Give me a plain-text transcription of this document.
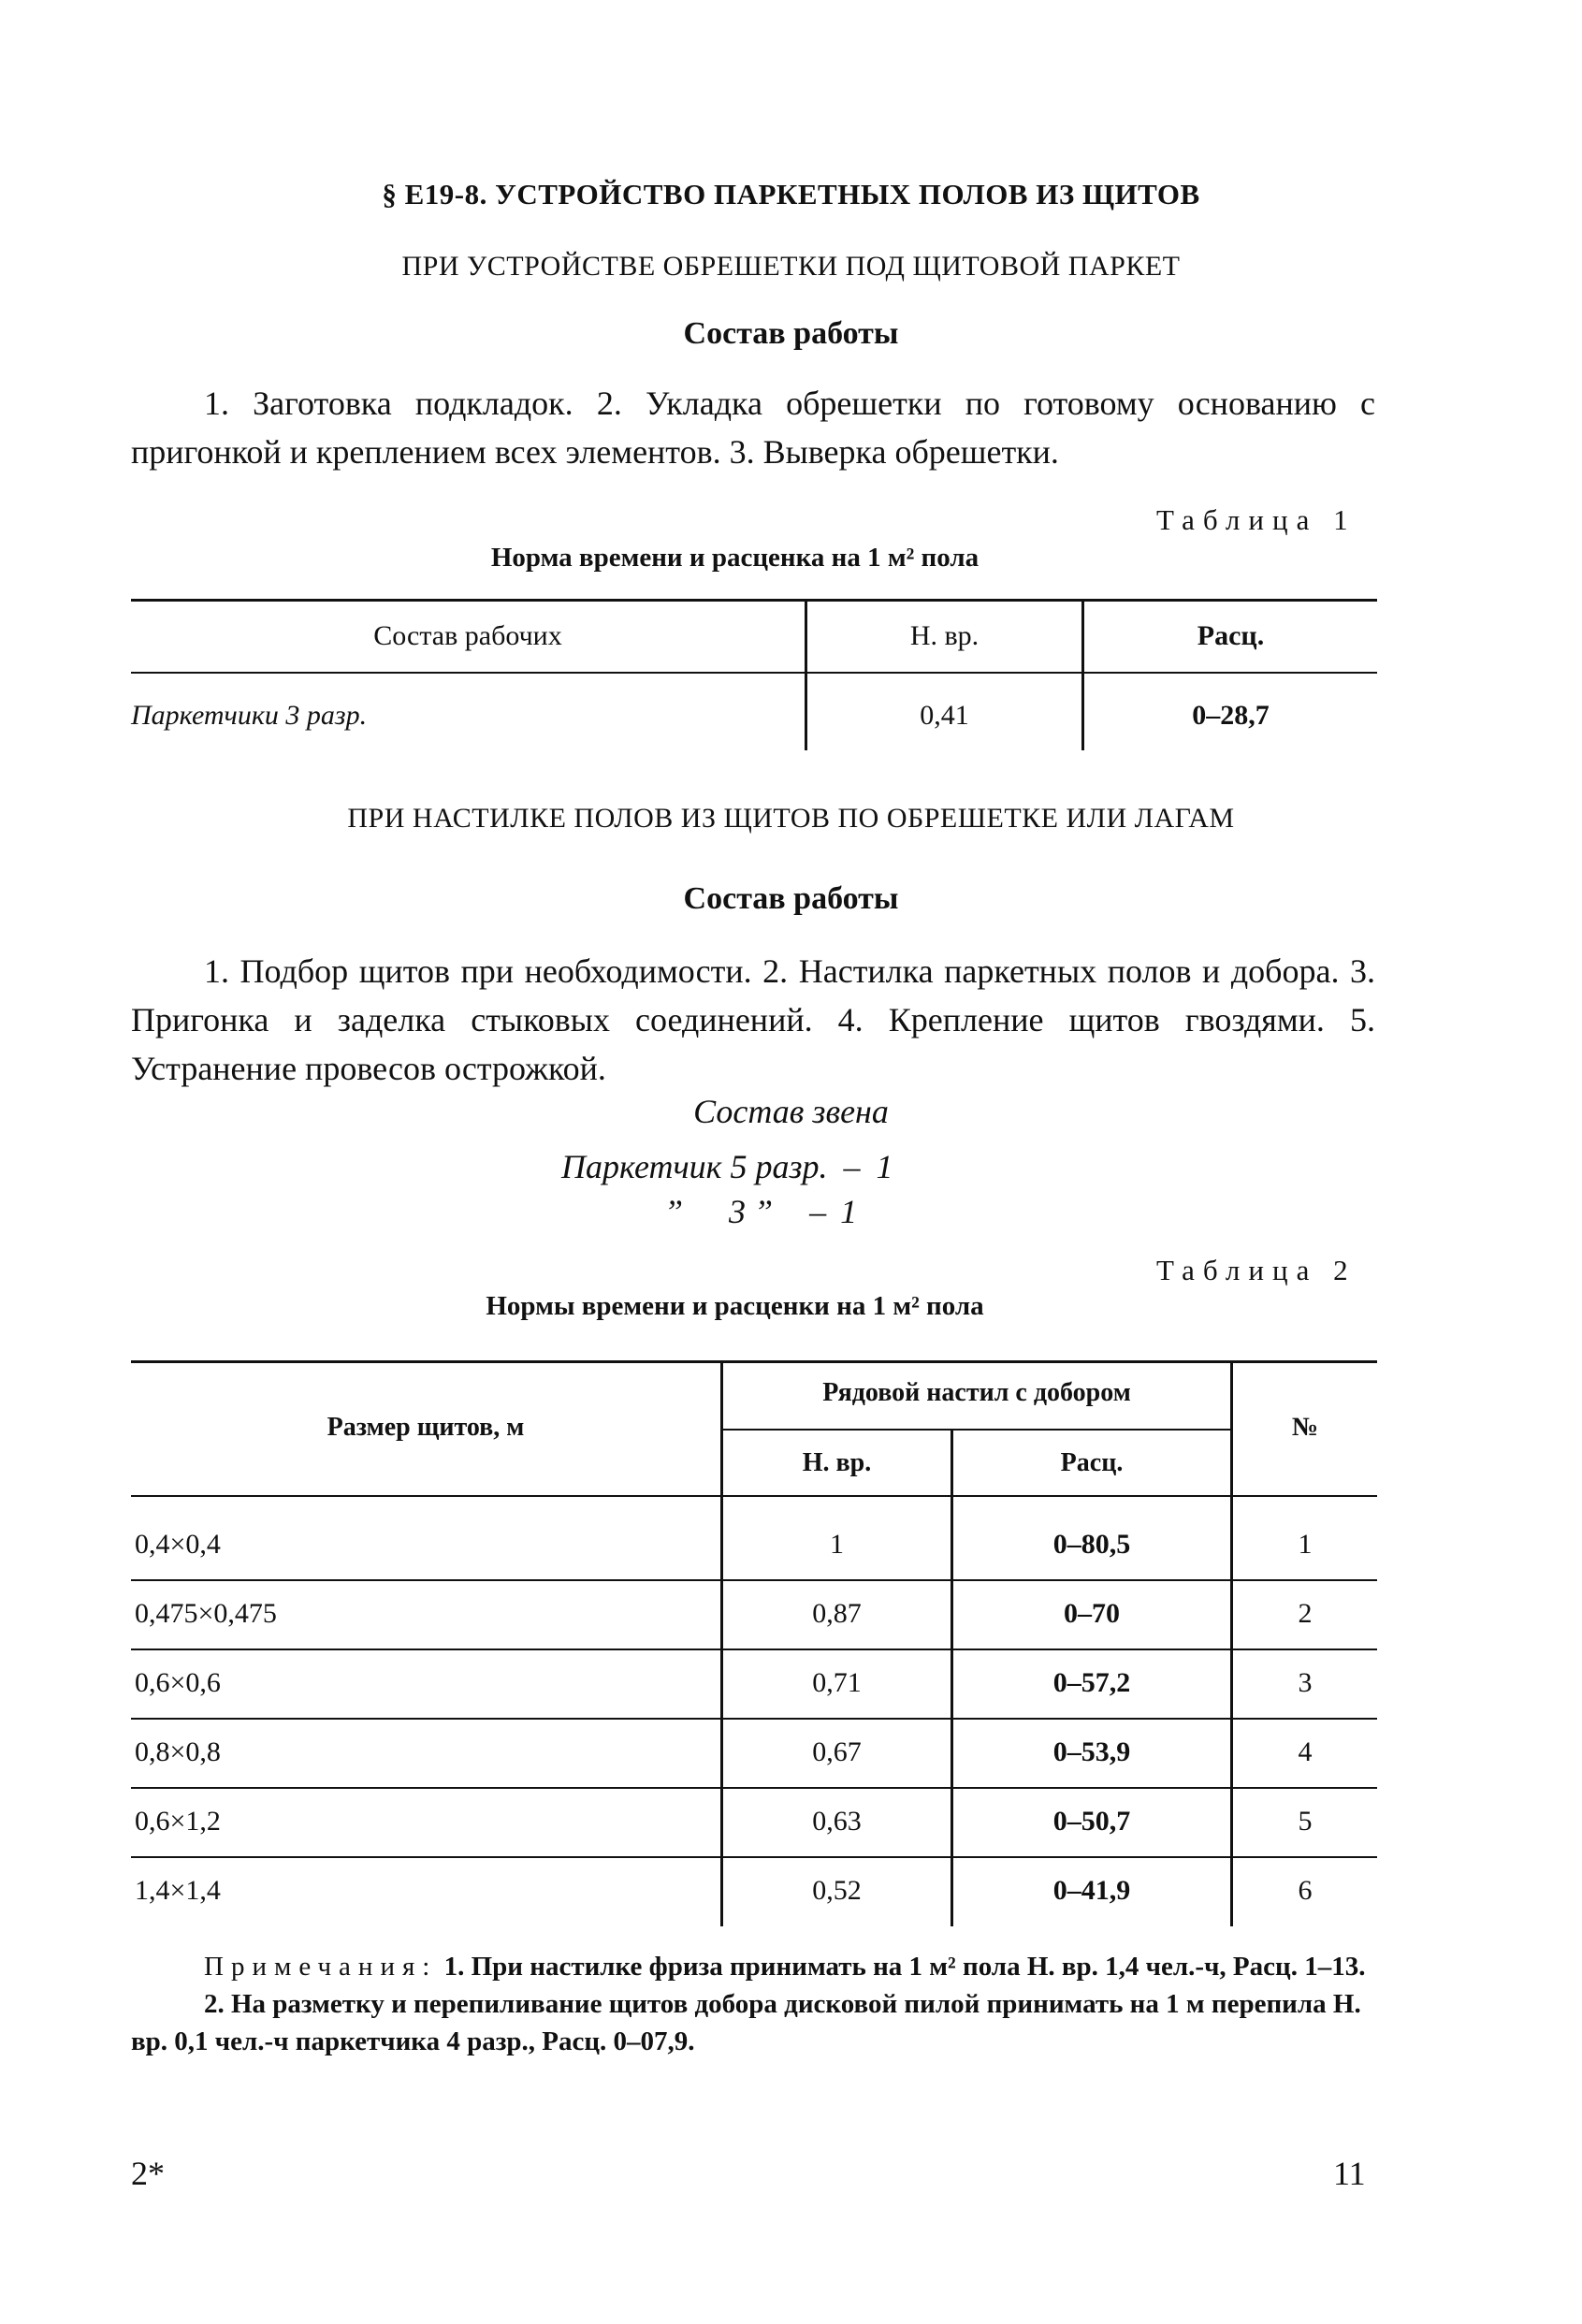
§ Е19-8. УСТРОЙСТВО ПАРКЕТНЫХ ПОЛОВ ИЗ ЩИТОВ
ПРИ УСТРОЙСТВЕ ОБРЕШЕТКИ ПОД ЩИТОВОЙ ПАРКЕТ
Состав работы
1. Заготовка подкладок. 2. Укладка обрешетки по готовому основанию с пригонкой и креплением всех элементов. 3. Выверка обрешетки.
Таблица 1
Норма времени и расценка на 1 м² пола
Состав рабочих	Н. вр.	Расц.
Паркетчики 3 разр.	0,41	0–28,7
ПРИ НАСТИЛКЕ ПОЛОВ ИЗ ЩИТОВ ПО ОБРЕШЕТКЕ ИЛИ ЛАГАМ
Состав работы
1. Подбор щитов при необходимости. 2. Настилка паркетных полов и добора. 3. Пригонка и заделка стыковых соединений. 4. Крепление щитов гвоздями. 5. Устранение провесов острожкой.
Состав звена
Паркетчик 5 разр. – 1
” 3 ” – 1
Таблица 2
Нормы времени и расценки на 1 м² пола
Размер щитов, м
Рядовой настил с добором
Н. вр.	Расц.
№
0,4×0,4	1	0–80,5	1
0,475×0,475	0,87	0–70	2
0,6×0,6	0,71	0–57,2	3
0,8×0,8	0,67	0–53,9	4
0,6×1,2	0,63	0–50,7	5
1,4×1,4	0,52	0–41,9	6
Примечания: 1. При настилке фриза принимать на 1 м² пола Н. вр. 1,4 чел.-ч, Расц. 1–13.
2. На разметку и перепиливание щитов добора дисковой пилой принимать на 1 м перепила Н. вр. 0,1 чел.-ч паркетчика 4 разр., Расц. 0–07,9.
2*	11
